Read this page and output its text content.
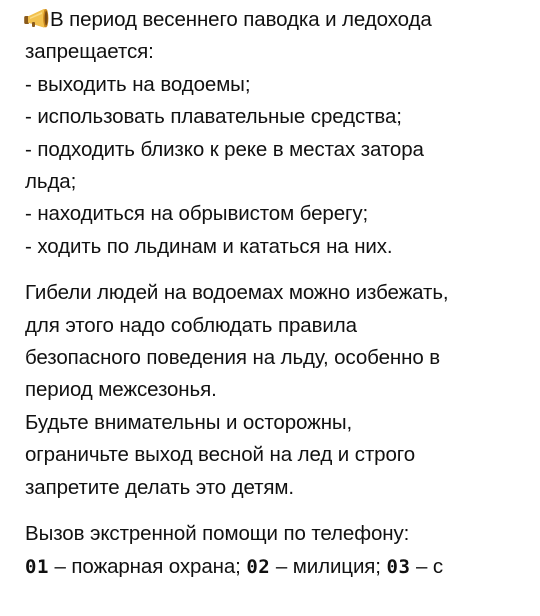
В период весеннего паводка и ледохода
запрещается:
- выходить на водоемы;
- использовать плавательные средства;
- подходить близко к реке в местах затора
льда;
- находиться на обрывистом берегу;
- ходить по льдинам и кататься на них.
Гибели людей на водоемах можно избежать,
для этого надо соблюдать правила
безопасного поведения на льду, особенно в
период межсезонья.
Будьте внимательны и осторожны,
ограничьте выход весной на лед и строго
запретите делать это детям.
Вызов экстренной помощи по телефону:
01 – пожарная охрана; 02 – милиция; 03 – с
